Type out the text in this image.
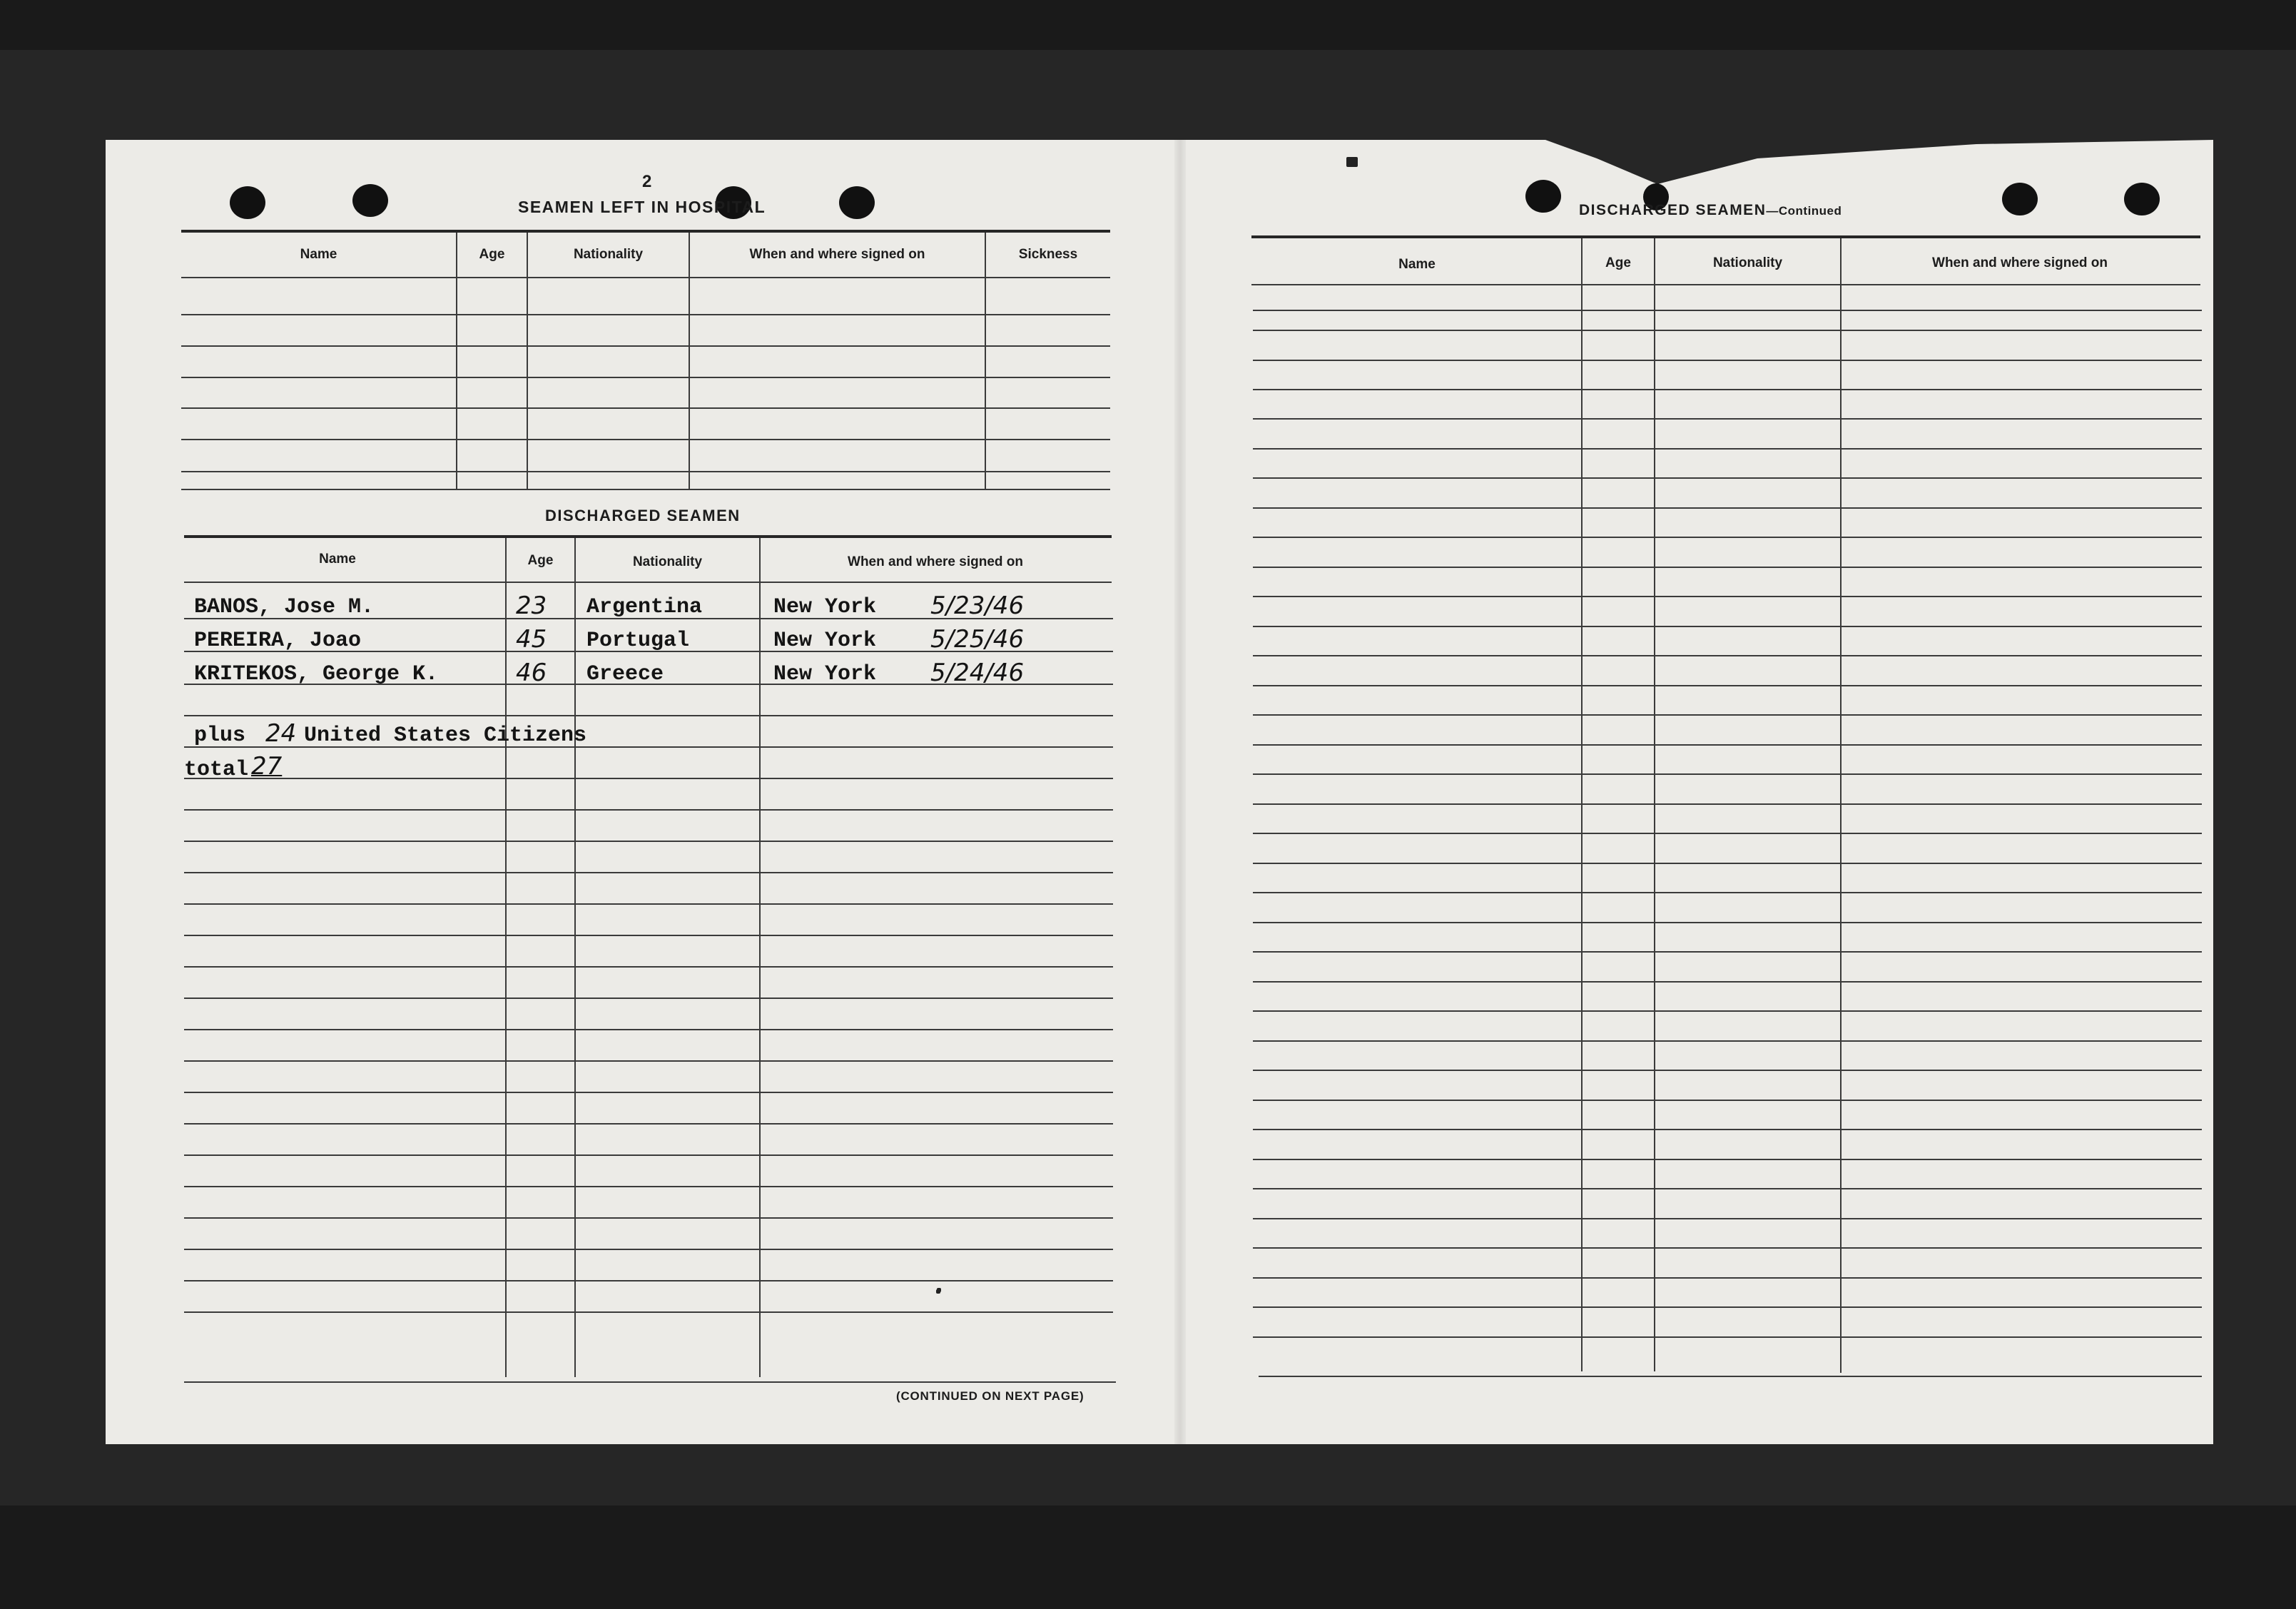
2
SEAMEN LEFT IN HOSPITAL
Name	Age	Nationality	When and where signed on	Sickness
DISCHARGED SEAMEN
Name	Age	Nationality	When and where signed on
BANOS, Jose M.	23 Argentina	New York 5/23/46
PEREIRA, Joao	45 Portugal	New York 5/25/46
KRITEKOS, George K.	46 Greece	New York 5/24/46
plus 24 United States Citizens
total 27
(CONTINUED ON NEXT PAGE)
DISCHARGED SEAMEN—Continued
Name	Age	Nationality	When and where signed on
